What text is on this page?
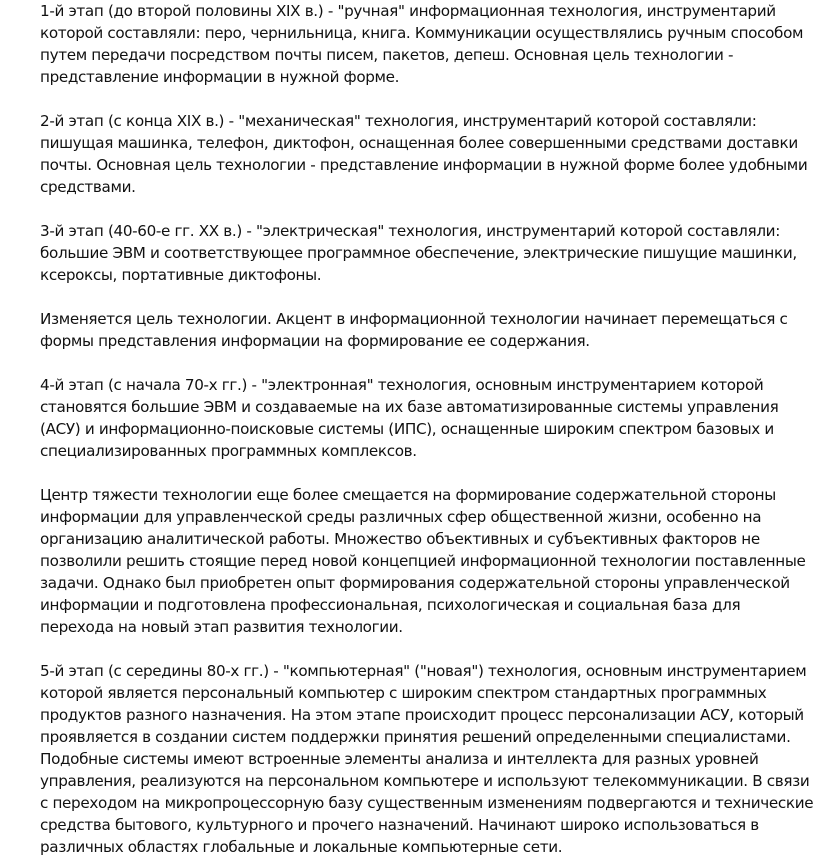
1-й этап (до второй половины XIX в.) - "ручная" информационная технология, инструментарий которой составляли: перо, чернильница, книга. Коммуникации осуществлялись ручным способом путем передачи посредством почты писем, пакетов, депеш. Основная цель технологии - представление информации в нужной форме.

2-й этап (с конца XIX в.) - "механическая" технология, инструментарий которой составляли: пишущая машинка, телефон, диктофон, оснащенная более совершенными средствами доставки почты. Основная цель технологии - представление информации в нужной форме более удобными средствами.

3-й этап (40-60-е гг. XX в.) - "электрическая" технология, инструментарий которой составляли: большие ЭВМ и соответствующее программное обеспечение, электрические пишущие машинки, ксероксы, портативные диктофоны.

Изменяется цель технологии. Акцент в информационной технологии начинает перемещаться с формы представления информации на формирование ее содержания.

4-й этап (с начала 70-х гг.) - "электронная" технология, основным инструментарием которой становятся большие ЭВМ и создаваемые на их базе автоматизированные системы управления (АСУ) и информационно-поисковые системы (ИПС), оснащенные широким спектром базовых и специализированных программных комплексов.

Центр тяжести технологии еще более смещается на формирование содержательной стороны информации для управленческой среды различных сфер общественной жизни, особенно на организацию аналитической работы. Множество объективных и субъективных факторов не позволили решить стоящие перед новой концепцией информационной технологии поставленные задачи. Однако был приобретен опыт формирования содержательной стороны управленческой информации и подготовлена профессиональная, психологическая и социальная база для перехода на новый этап развития технологии.

5-й этап (с середины 80-х гг.) - "компьютерная" ("новая") технология, основным инструментарием которой является персональный компьютер с широким спектром стандартных программных продуктов разного назначения. На этом этапе происходит процесс персонализации АСУ, который проявляется в создании систем поддержки принятия решений определенными специалистами. Подобные системы имеют встроенные элементы анализа и интеллекта для разных уровней управления, реализуются на персональном компьютере и используют телекоммуникации. В связи с переходом на микропроцессорную базу существенным изменениям подвергаются и технические средства бытового, культурного и прочего назначений. Начинают широко использоваться в различных областях глобальные и локальные компьютерные сети.
